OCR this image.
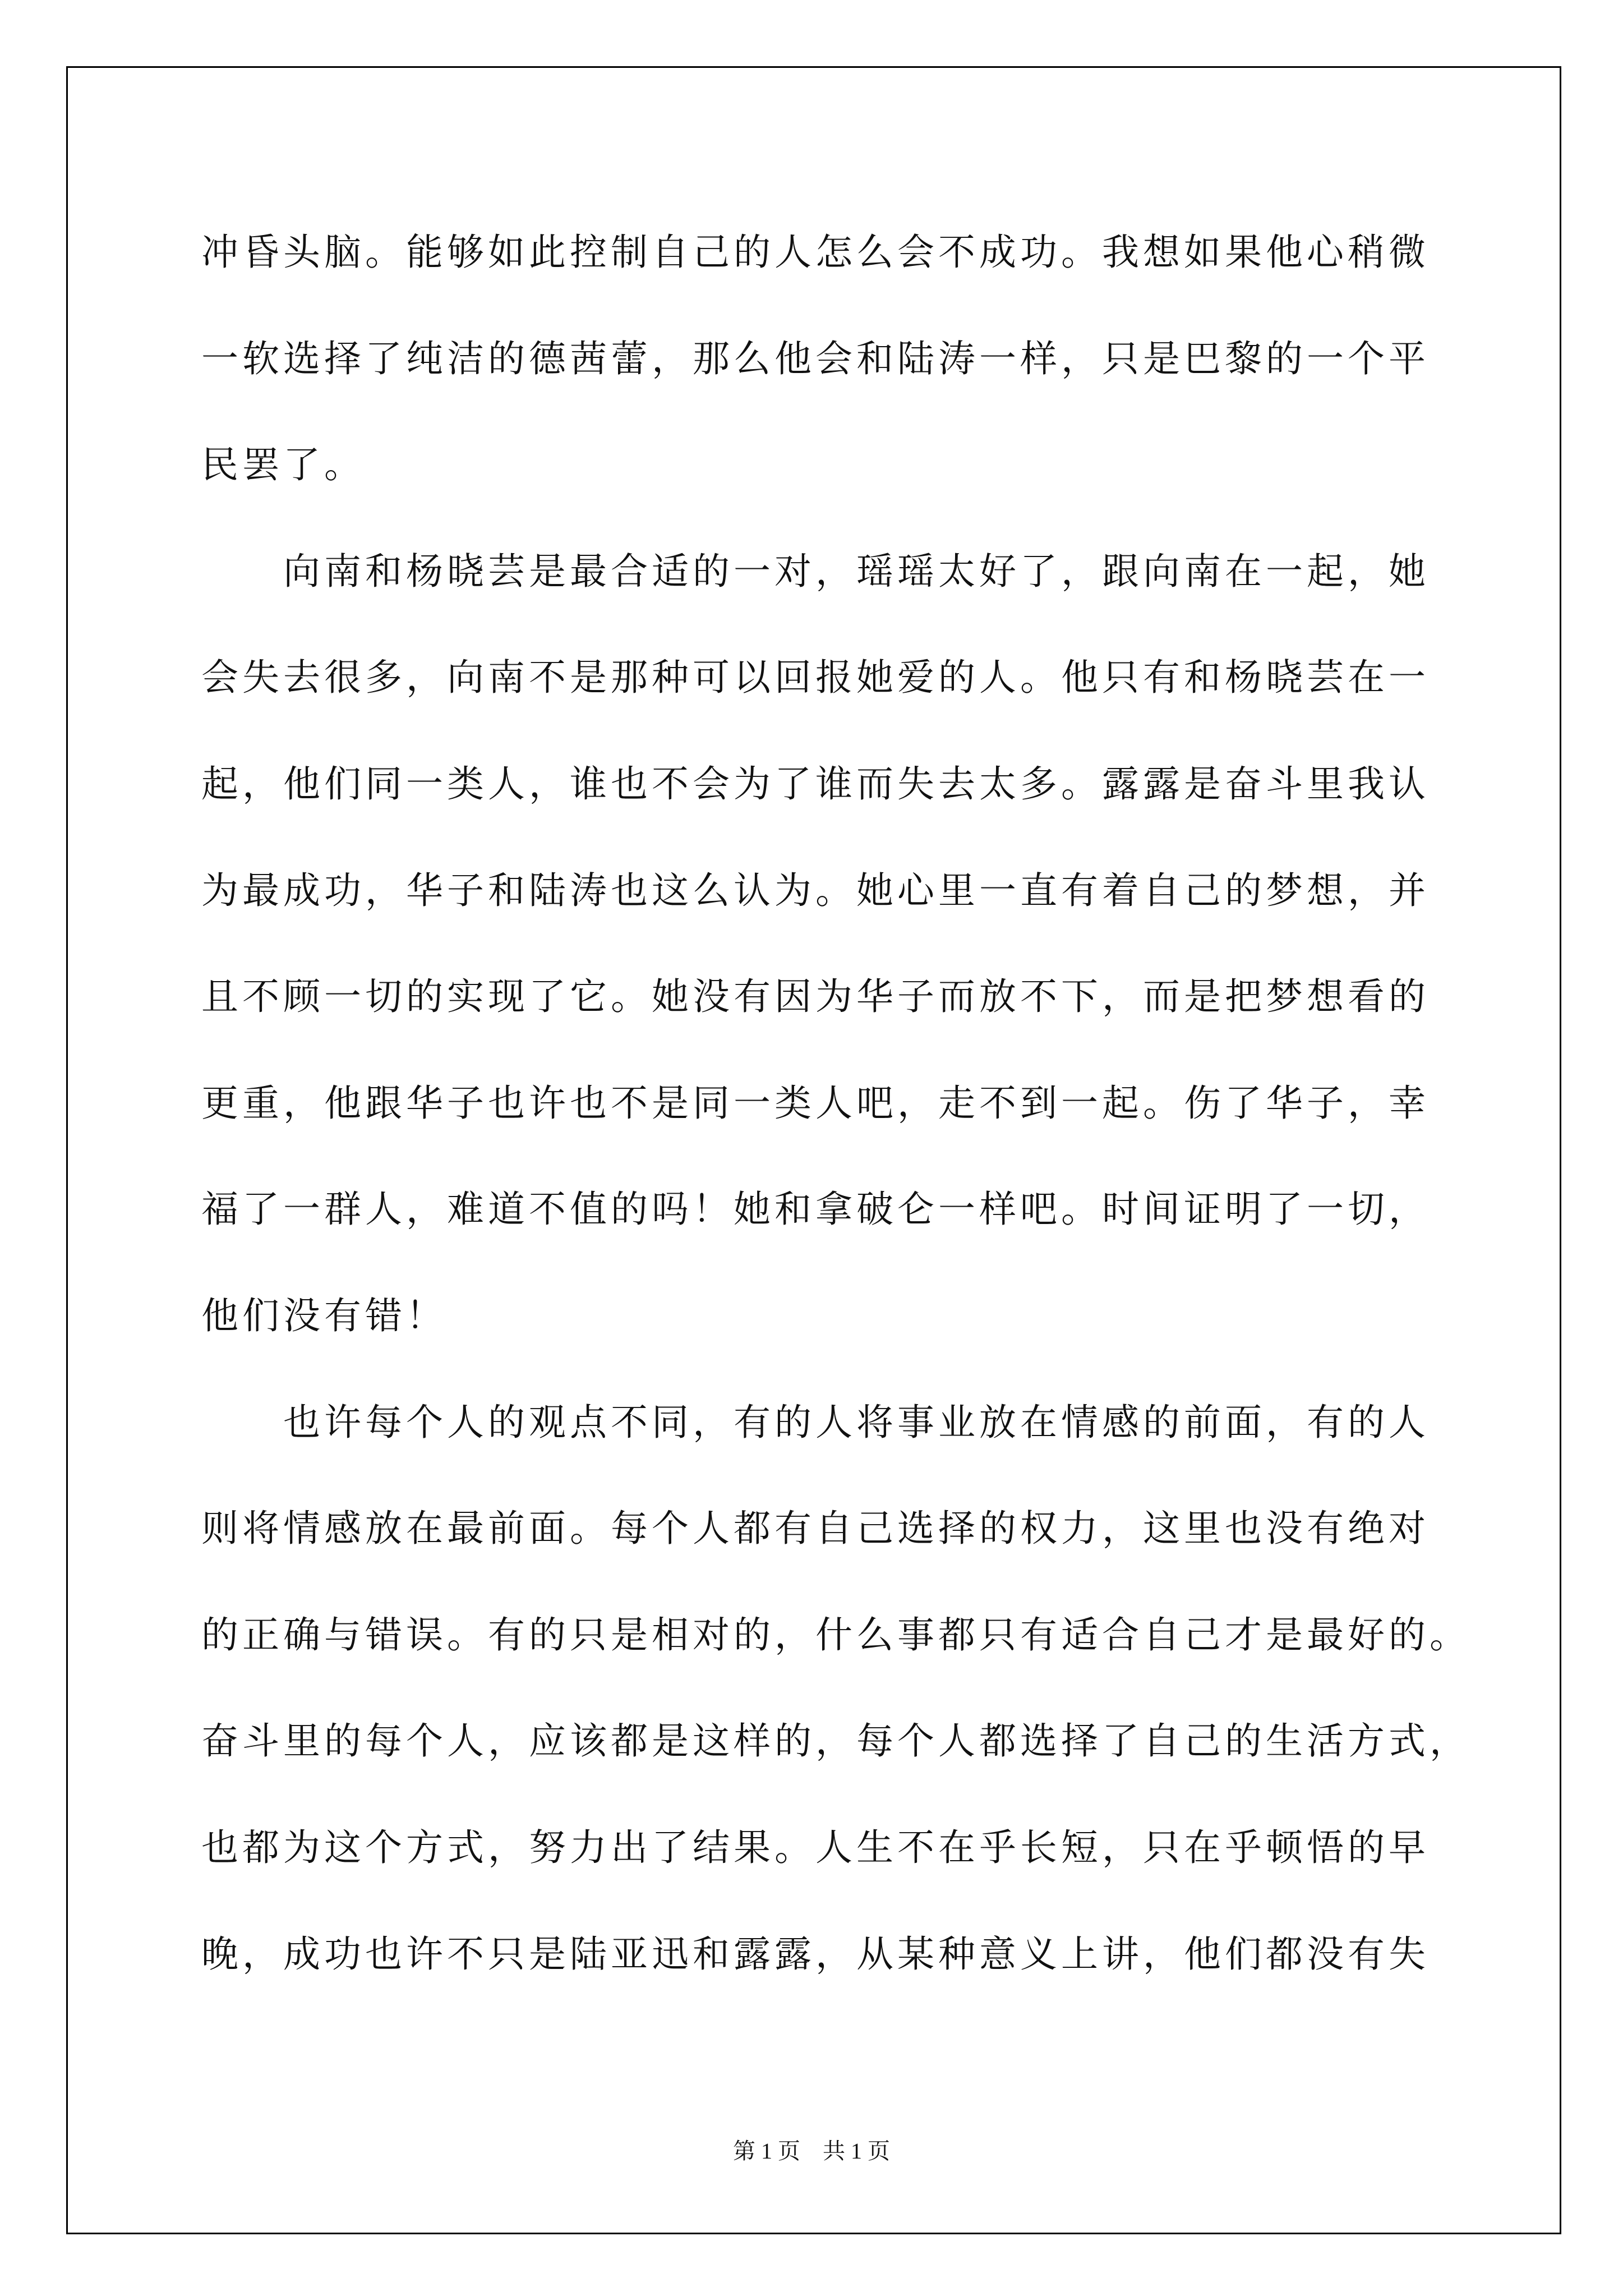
冲昏头脑。能够如此控制自己的人怎么会不成功。我想如果他心稍微
一软选择了纯洁的德茜蕾，那么他会和陆涛一样，只是巴黎的一个平
民罢了。
向南和杨晓芸是最合适的一对，瑶瑶太好了，跟向南在一起，她
会失去很多，向南不是那种可以回报她爱的人。他只有和杨晓芸在一
起，他们同一类人，谁也不会为了谁而失去太多。露露是奋斗里我认
为最成功，华子和陆涛也这么认为。她心里一直有着自己的梦想，并
且不顾一切的实现了它。她没有因为华子而放不下，而是把梦想看的
更重，他跟华子也许也不是同一类人吧，走不到一起。伤了华子，幸
福了一群人，难道不值的吗！她和拿破仑一样吧。时间证明了一切，
他们没有错！
也许每个人的观点不同，有的人将事业放在情感的前面，有的人
则将情感放在最前面。每个人都有自己选择的权力，这里也没有绝对
的正确与错误。有的只是相对的，什么事都只有适合自己才是最好的。
奋斗里的每个人，应该都是这样的，每个人都选择了自己的生活方式，
也都为这个方式，努力出了结果。人生不在乎长短，只在乎顿悟的早
晚，成功也许不只是陆亚迅和露露，从某种意义上讲，他们都没有失
第 1 页 共 1 页
